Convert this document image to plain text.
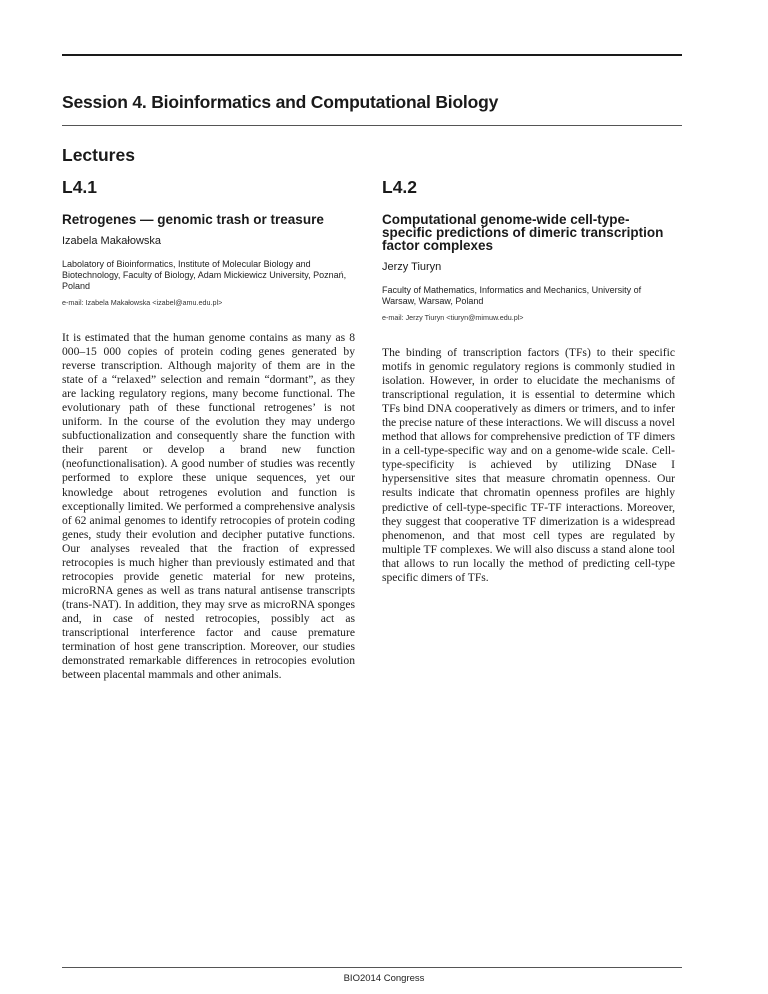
Session 4. Bioinformatics and Computational Biology
Lectures
L4.1
Retrogenes — genomic trash or treasure

Izabela Makałowska

Labolatory of Bioinformatics, Institute of Molecular Biology and Biotechnology, Faculty of Biology, Adam Mickiewicz University, Poznań, Poland

e-mail: Izabela Makałowska <izabel@amu.edu.pl>

It is estimated that the human genome contains as many as 8 000–15 000 copies of protein coding genes generated by reverse transcription. Although majority of them are in the state of a “relaxed” selection and remain “dormant”, as they are lacking regulatory regions, many become functional. The evolutionary path of these functional retrogenes’ is not uniform. In the course of the evolution they may undergo subfuctionalization and consequently share the function with their parent or develop a brand new function (neofunctionalisation). A good number of studies was recently performed to explore these unique sequences, yet our knowledge about retrogenes evolution and function is exceptionally limited. We performed a comprehensive analysis of 62 animal genomes to identify retrocopies of protein coding genes, study their evolution and decipher putative functions. Our analyses revealed that the fraction of expressed retrocopies is much higher than previously estimated and that retrocopies provide genetic material for new proteins, microRNA genes as well as trans natural antisense transcripts (trans-NAT). In addition, they may srve as microRNA sponges and, in case of nested retrocopies, possibly act as transcriptional interference factor and cause premature termination of host gene transcription. Moreover, our studies demonstrated remarkable differences in retrocopies evolution between placental mammals and other animals.

L4.2
Computational genome-wide cell-type-specific predictions of dimeric transcription factor complexes

Jerzy Tiuryn

Faculty of Mathematics, Informatics and Mechanics, University of Warsaw, Warsaw, Poland

e-mail: Jerzy Tiuryn <tiuryn@mimuw.edu.pl>

The binding of transcription factors (TFs) to their specific motifs in genomic regulatory regions is commonly studied in isolation. However, in order to elucidate the mechanisms of transcriptional regulation, it is essential to determine which TFs bind DNA cooperatively as dimers or trimers, and to infer the precise nature of these interactions. We will discuss a novel method that allows for comprehensive prediction of TF dimers in a cell-type-specific way and on a genome-wide scale. Cell-type-specificity is achieved by utilizing DNase I hypersensitive sites that measure chromatin openness. Our results indicate that chromatin openness profiles are highly predictive of cell-type-specific TF-TF interactions. Moreover, they suggest that cooperative TF dimerization is a widespread phenomenon, and that most cell types are regulated by multiple TF complexes. We will also discuss a stand alone tool that allows to run locally the method of predicting cell-type specific dimers of TFs.

BIO2014 Congress
